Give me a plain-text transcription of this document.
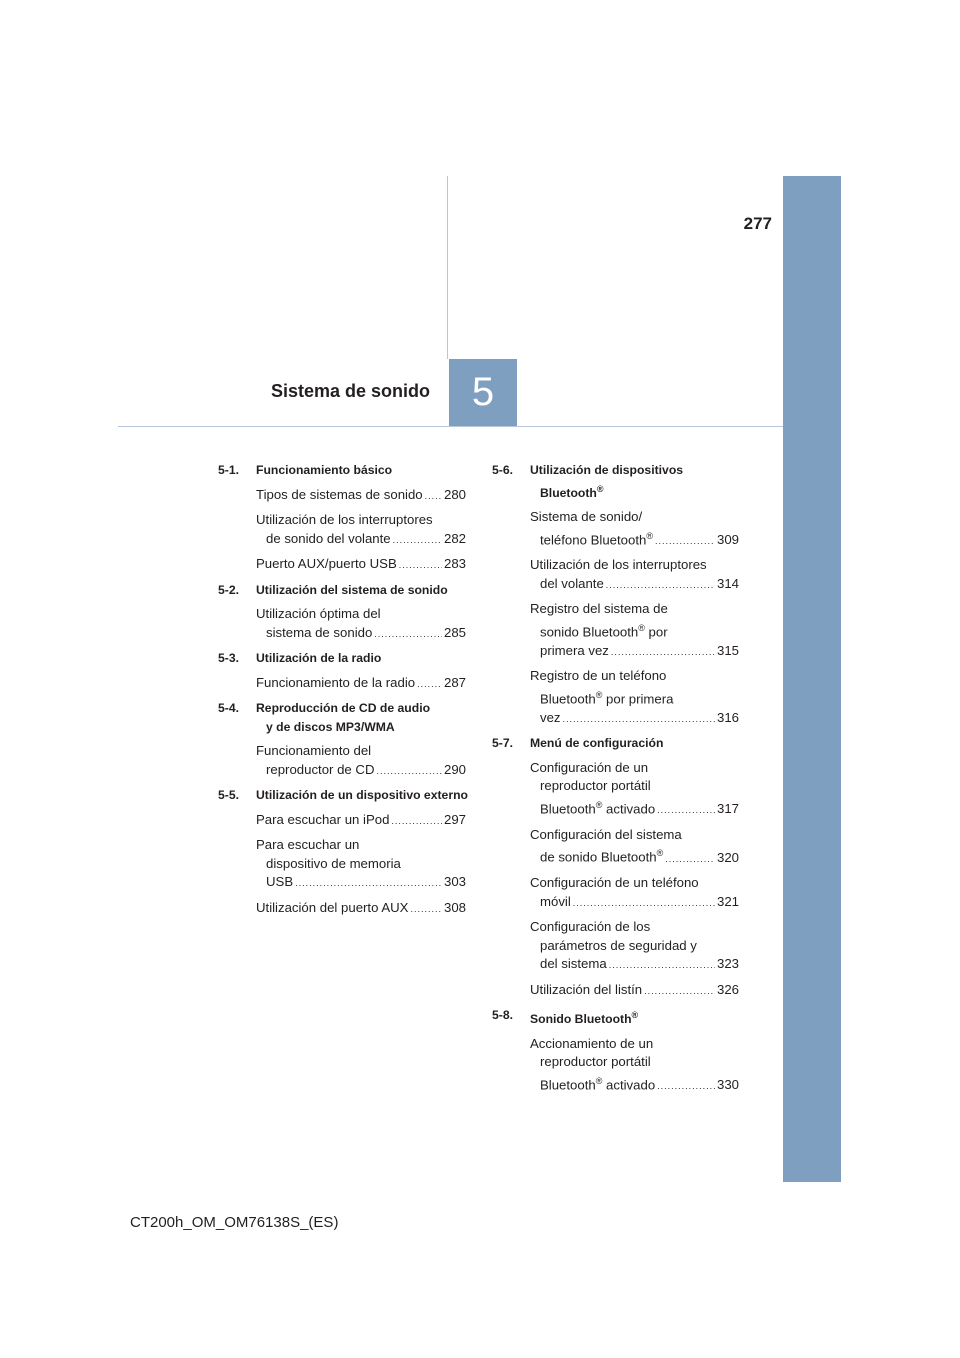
277
Sistema de sonido	5
5-1. Funcionamiento básico
Tipos de sistemas de sonido ..... 280
Utilización de los interruptores
de sonido del volante .....	282
Puerto AUX/puerto USB .....	283
5-2. Utilización del sistema de sonido
Utilización óptima del
sistema de sonido .....	285
5-3. Utilización de la radio
Funcionamiento de la radio ..... 287
5-4. Reproducción de CD de audio
y de discos MP3/WMA
Funcionamiento del
reproductor de CD .....	290
5-5. Utilización de un dispositivo externo
Para escuchar un iPod .....	297
Para escuchar un
dispositivo de memoria
USB .....	303
Utilización del puerto AUX .....	308
5-6. Utilización de dispositivos
Bluetooth®
Sistema de sonido/
teléfono Bluetooth® .....	309
Utilización de los interruptores
del volante .....	314
Registro del sistema de
sonido Bluetooth® por
primera vez .....	315
Registro de un teléfono
Bluetooth® por primera
vez .....	316
5-7. Menú de configuración
Configuración de un
reproductor portátil
Bluetooth® activado .....	317
Configuración del sistema
de sonido Bluetooth® .....	320
Configuración de un teléfono
móvil .....	321
Configuración de los
parámetros de seguridad y
del sistema .....	323
Utilización del listín .....	326
5-8. Sonido Bluetooth®
Accionamiento de un
reproductor portátil
Bluetooth® activado .....	330
CT200h_OM_OM76138S_(ES)
